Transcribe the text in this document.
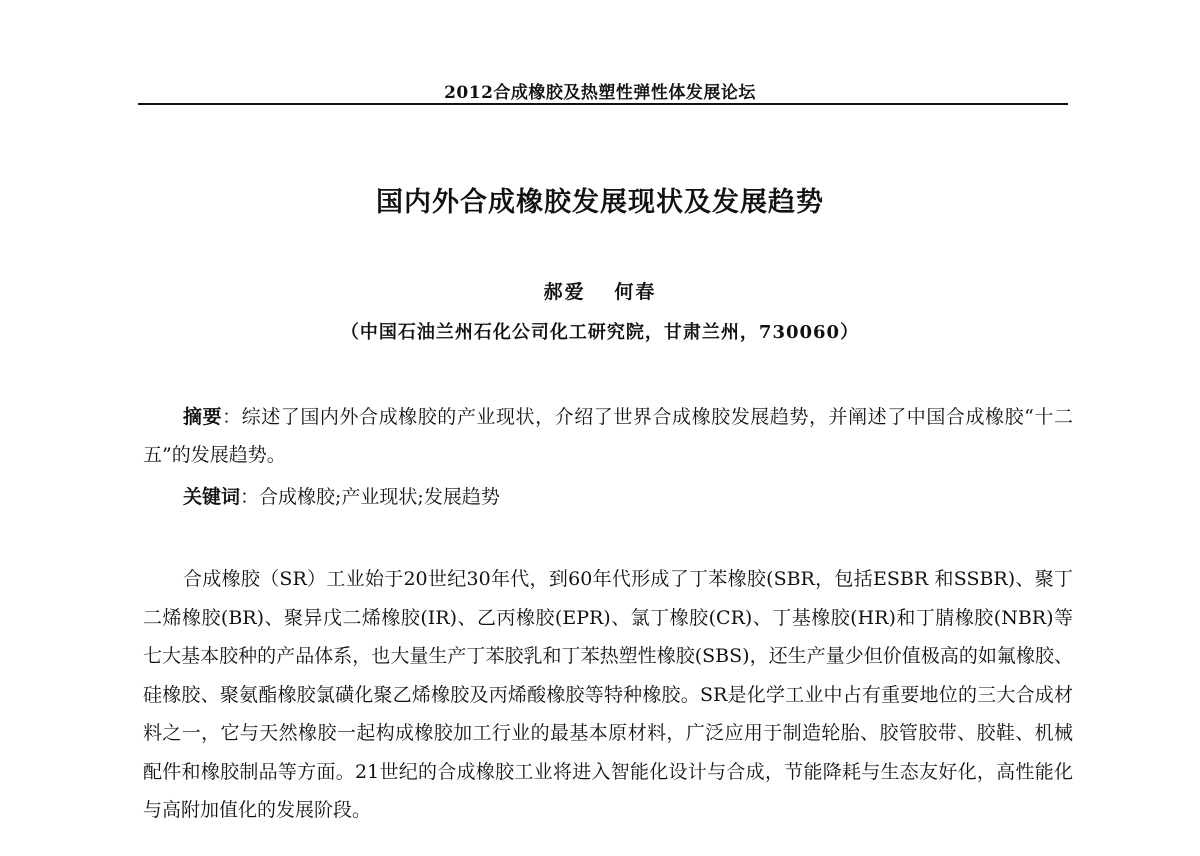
2012合成橡胶及热塑性弹性体发展论坛
国内外合成橡胶发展现状及发展趋势
郝爱 何春
（中国石油兰州石化公司化工研究院，甘肃兰州，730060）
摘要：综述了国内外合成橡胶的产业现状，介绍了世界合成橡胶发展趋势，并阐述了中国合成橡胶“十二五”的发展趋势。
关键词：合成橡胶;产业现状;发展趋势
合成橡胶（SR）工业始于20世纪30年代，到60年代形成了丁苯橡胶(SBR，包括ESBR 和SSBR)、聚丁二烯橡胶(BR)、聚异戊二烯橡胶(IR)、乙丙橡胶(EPR)、氯丁橡胶(CR)、丁基橡胶(HR)和丁腈橡胶(NBR)等七大基本胶种的产品体系，也大量生产丁苯胶乳和丁苯热塑性橡胶(SBS)，还生产量少但价值极高的如氟橡胶、硅橡胶、聚氨酯橡胶氯磺化聚乙烯橡胶及丙烯酸橡胶等特种橡胶。SR是化学工业中占有重要地位的三大合成材料之一，它与天然橡胶一起构成橡胶加工行业的最基本原材料，广泛应用于制造轮胎、胶管胶带、胶鞋、机械配件和橡胶制品等方面。21世纪的合成橡胶工业将进入智能化设计与合成，节能降耗与生态友好化，高性能化与高附加值化的发展阶段。
